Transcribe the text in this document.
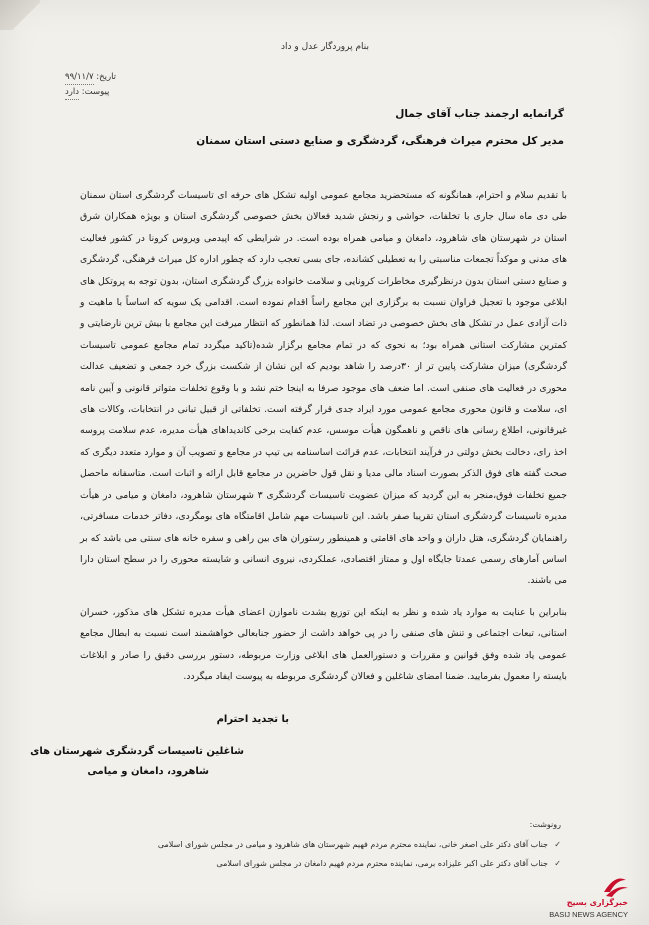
بنام پروردگار عدل و داد
تاریخ: ۹۹/۱۱/۷
پیوست: دارد
گرانمایه ارجمند جناب آقای جمال
مدیر کل محترم میراث فرهنگی، گردشگری و صنایع دستی استان سمنان

با تقدیم سلام و احترام، همانگونه که مستحضرید مجامع عمومی اولیه تشکل های حرفه ای تاسیسات گردشگری استان سمنان طی دی ماه سال جاری با تخلفات، حواشی و رنجش شدید فعالان بخش خصوصی گردشگری استان و بویژه همکاران شرق استان در شهرستان های شاهرود، دامغان و میامی همراه بوده است. در شرایطی که اپیدمی ویروس کرونا در کشور فعالیت های مدنی و موکداً تجمعات مناسبتی را به تعطیلی کشانده، جای بسی تعجب دارد که چطور اداره کل میراث فرهنگی، گردشگری و صنایع دستی استان بدون درنظرگیری مخاطرات کرونایی و سلامت خانواده بزرگ گردشگری استان، بدون توجه به پروتکل های ابلاغی موجود با تعجیل فراوان نسبت به برگزاری این مجامع راساً اقدام نموده است. اقدامی یک سویه که اساساً با ماهیت و ذات آزادی عمل در تشکل های بخش خصوصی در تضاد است. لذا همانطور که انتظار میرفت این مجامع با بیش ترین نارضایتی و کمترین مشارکت استانی همراه بود؛ به نحوی که در تمام مجامع برگزار شده(تاکید میگردد تمام مجامع عمومی تاسیسات گردشگری) میزان مشارکت پایین تر از ۳۰درصد را شاهد بودیم که این نشان از شکست بزرگ خرد جمعی و تضعیف عدالت محوری در فعالیت های صنفی است. اما ضعف های موجود صرفا به اینجا ختم نشد و با وقوع تخلفات متواتر قانونی و آیین نامه ای، سلامت و قانون محوری مجامع عمومی مورد ایراد جدی قرار گرفته است. تخلفاتی از قبیل تبانی در انتخابات، وکالات های غیرقانونی، اطلاع رسانی های ناقص و ناهمگون هیأت موسس، عدم کفایت برخی کاندیداهای هیأت مدیره، عدم سلامت پروسه اخذ رای، دخالت بخش دولتی در فرآیند انتخابات، عدم قرائت اساسنامه بی تیپ در مجامع و تصویب آن و موارد متعدد دیگری که صحت گفته های فوق الذکر بصورت اسناد مالی مدیا و نقل قول حاضرین در مجامع قابل ارائه و اثبات است. متاسفانه ماحصل جمیع تخلفات فوق،منجر به این گردید که میزان عضویت تاسیسات گردشگری ۳ شهرستان شاهرود، دامغان و میامی در هیأت مدیره تاسیسات گردشگری استان تقریبا صفر باشد. این تاسیسات مهم شامل اقامتگاه های بومگردی، دفاتر خدمات مسافرتی، راهنمایان گردشگری، هتل داران و واحد های اقامتی و همینطور رستوران های بین راهی و سفره خانه های سنتی می باشد که بر اساس آمارهای رسمی عمدتا جایگاه اول و ممتاز اقتصادی، عملکردی، نیروی انسانی و شایسته محوری را در سطح استان دارا می باشند.

بنابراین با عنایت به موارد یاد شده و نظر به اینکه این توزیع بشدت ناموازن اعضای هیأت مدیره تشکل های مذکور، خسران استانی، تبعات اجتماعی و تنش های صنفی را در پی خواهد داشت از حضور جنابعالی خواهشمند است نسبت به ابطال مجامع عمومی یاد شده وفق قوانین و مقررات و دستورالعمل های ابلاغی وزارت مربوطه، دستور بررسی دقیق را صادر و ابلاغات بایسته را معمول بفرمایید. ضمنا امضای شاغلین و فعالان گردشگری مربوطه به پیوست ایفاد میگردد.

با تجدید احترام
شاغلین تاسیسات گردشگری شهرستان های
شاهرود، دامغان و میامی
رونوشت:
✓جناب آقای دکتر علی اصغر خانی، نماینده محترم مردم فهیم شهرستان های شاهرود و میامی در مجلس شورای اسلامی
✓جناب آقای دکتر علی اکبر علیزاده برمی، نماینده محترم مردم فهیم دامغان در مجلس شورای اسلامی
خبرگزاری بسیج
BASIJ NEWS AGENCY
